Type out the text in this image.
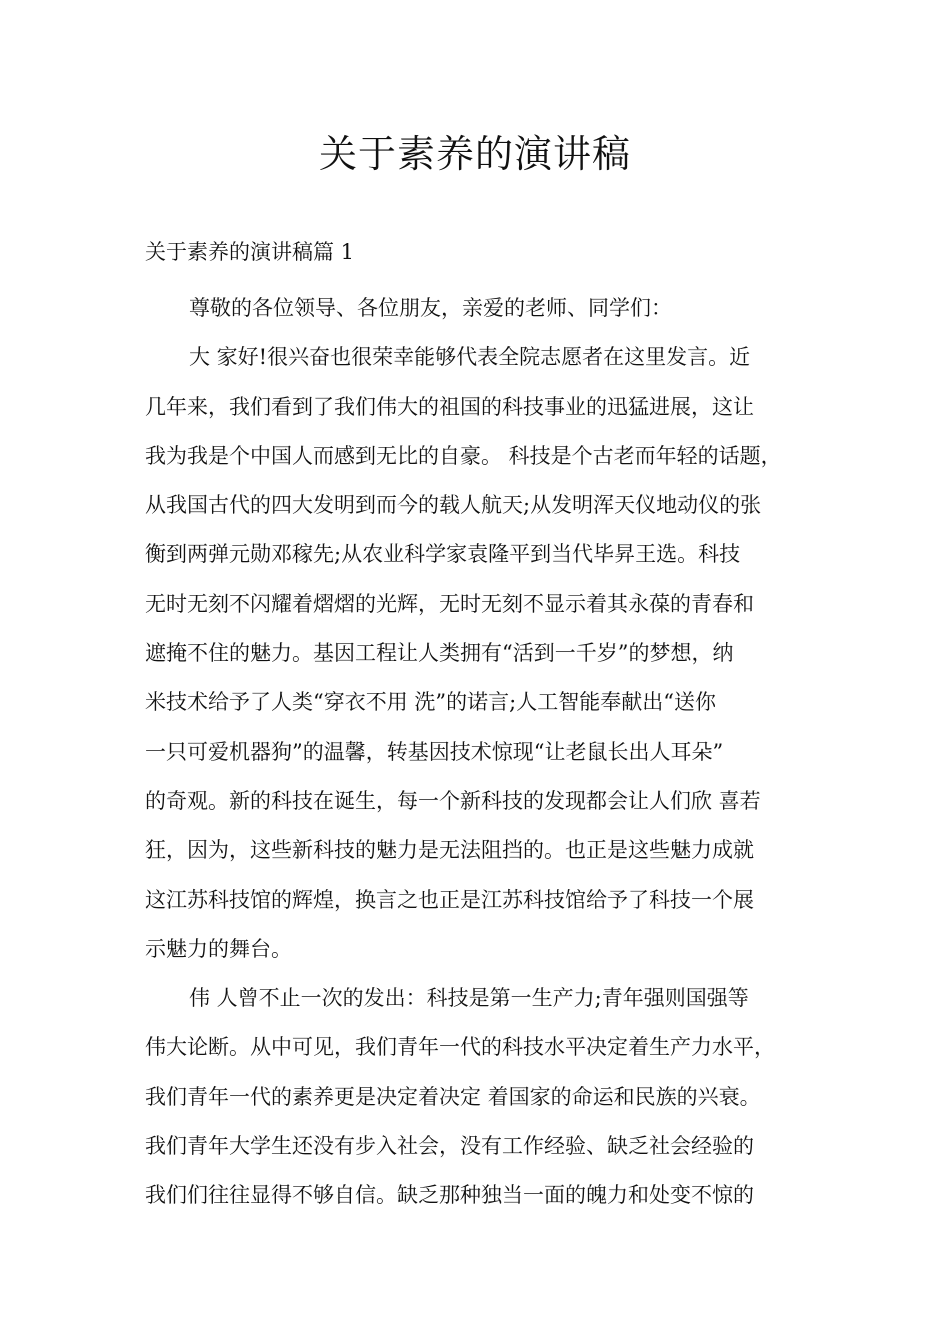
关于素养的演讲稿

关于素养的演讲稿篇 1

尊敬的各位领导、各位朋友，亲爱的老师、同学们：
大 家好!很兴奋也很荣幸能够代表全院志愿者在这里发言。近
几年来，我们看到了我们伟大的祖国的科技事业的迅猛进展，这让
我为我是个中国人而感到无比的自豪。 科技是个古老而年轻的话题，
从我国古代的四大发明到而今的载人航天;从发明浑天仪地动仪的张
衡到两弹元勋邓稼先;从农业科学家袁隆平到当代毕昇王选。科技
无时无刻不闪耀着熠熠的光辉，无时无刻不显示着其永葆的青春和
遮掩不住的魅力。基因工程让人类拥有“活到一千岁”的梦想，纳
米技术给予了人类“穿衣不用 洗”的诺言;人工智能奉献出“送你
一只可爱机器狗”的温馨，转基因技术惊现“让老鼠长出人耳朵”
的奇观。新的科技在诞生，每一个新科技的发现都会让人们欣 喜若
狂，因为，这些新科技的魅力是无法阻挡的。也正是这些魅力成就
这江苏科技馆的辉煌，换言之也正是江苏科技馆给予了科技一个展
示魅力的舞台。
伟 人曾不止一次的发出：科技是第一生产力;青年强则国强等
伟大论断。从中可见，我们青年一代的科技水平决定着生产力水平，
我们青年一代的素养更是决定着决定 着国家的命运和民族的兴衰。
我们青年大学生还没有步入社会，没有工作经验、缺乏社会经验的
我们们往往显得不够自信。缺乏那种独当一面的魄力和处变不惊的
